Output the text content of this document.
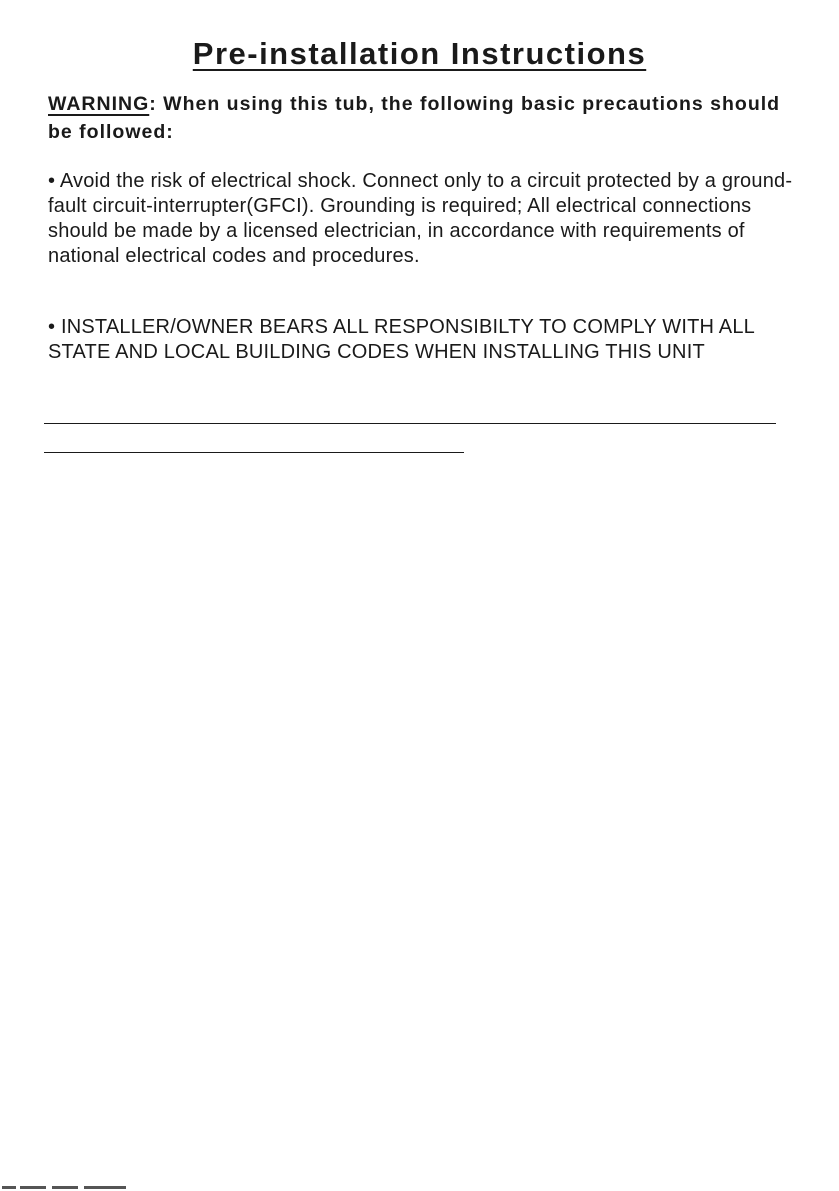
Pre-installation Instructions
WARNING: When using this tub, the following basic precautions should be followed:
• Avoid the risk of electrical shock. Connect only to a circuit protected by a ground-fault circuit-interrupter(GFCI). Grounding is required; All electrical connections should be made by a licensed electrician, in accordance with requirements of national electrical codes and procedures.
• INSTALLER/OWNER BEARS ALL RESPONSIBILTY TO COMPLY WITH ALL STATE AND LOCAL BUILDING CODES WHEN INSTALLING THIS UNIT
